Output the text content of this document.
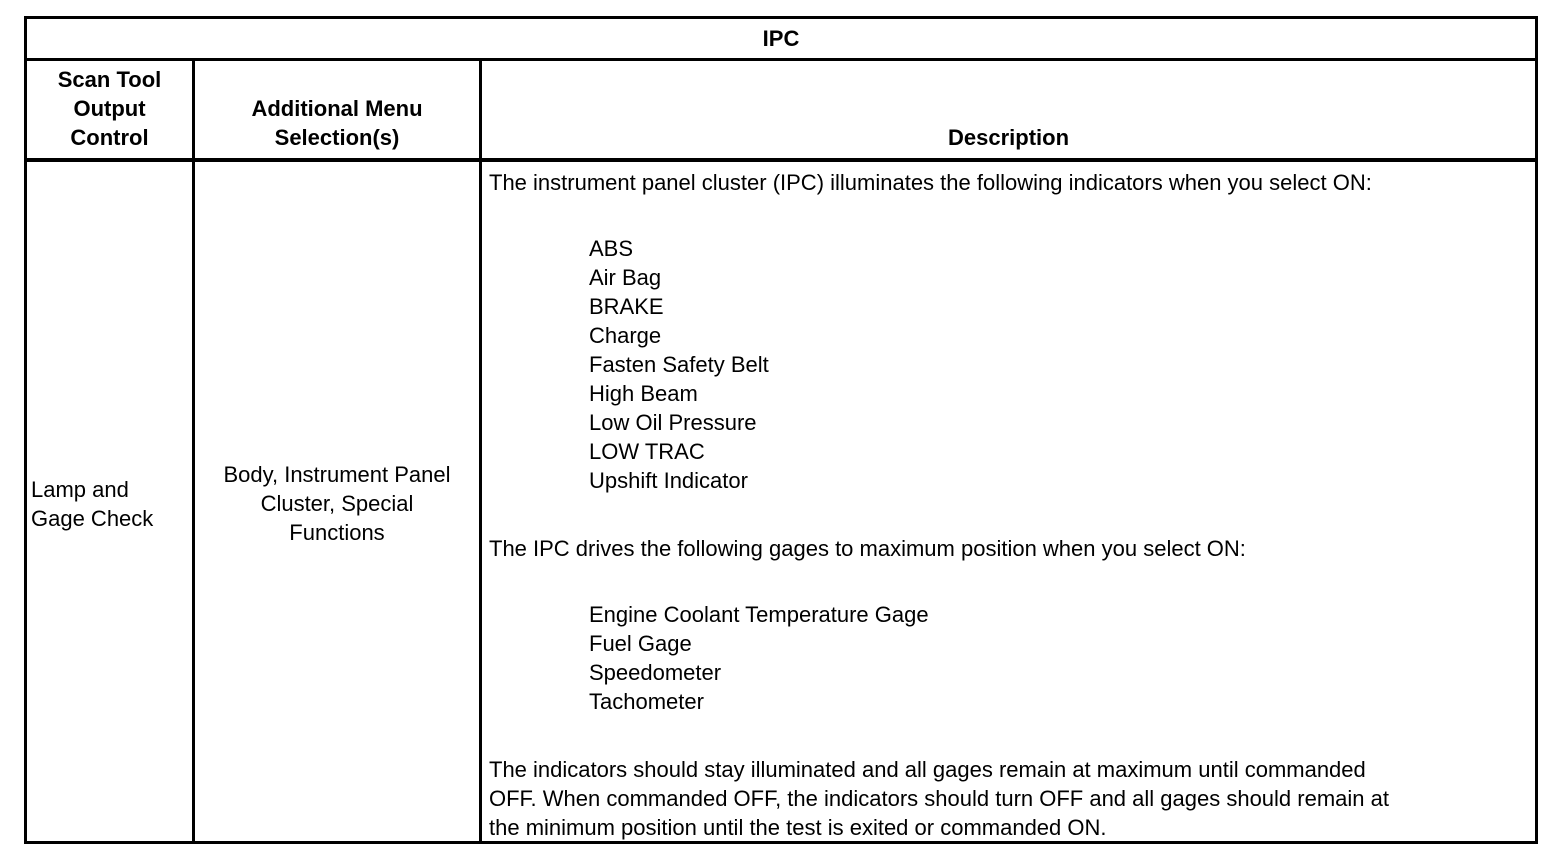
IPC
Scan Tool
Output
Control
Additional Menu
Selection(s)	Description
Lamp and
Gage Check
Body, Instrument Panel
Cluster, Special
Functions

The instrument panel cluster (IPC) illuminates the following indicators when you select ON:

ABS
Air Bag
BRAKE
Charge
Fasten Safety Belt
High Beam
Low Oil Pressure
LOW TRAC
Upshift Indicator

The IPC drives the following gages to maximum position when you select ON:

Engine Coolant Temperature Gage
Fuel Gage
Speedometer
Tachometer

The indicators should stay illuminated and all gages remain at maximum until commanded
OFF. When commanded OFF, the indicators should turn OFF and all gages should remain at
the minimum position until the test is exited or commanded ON.
